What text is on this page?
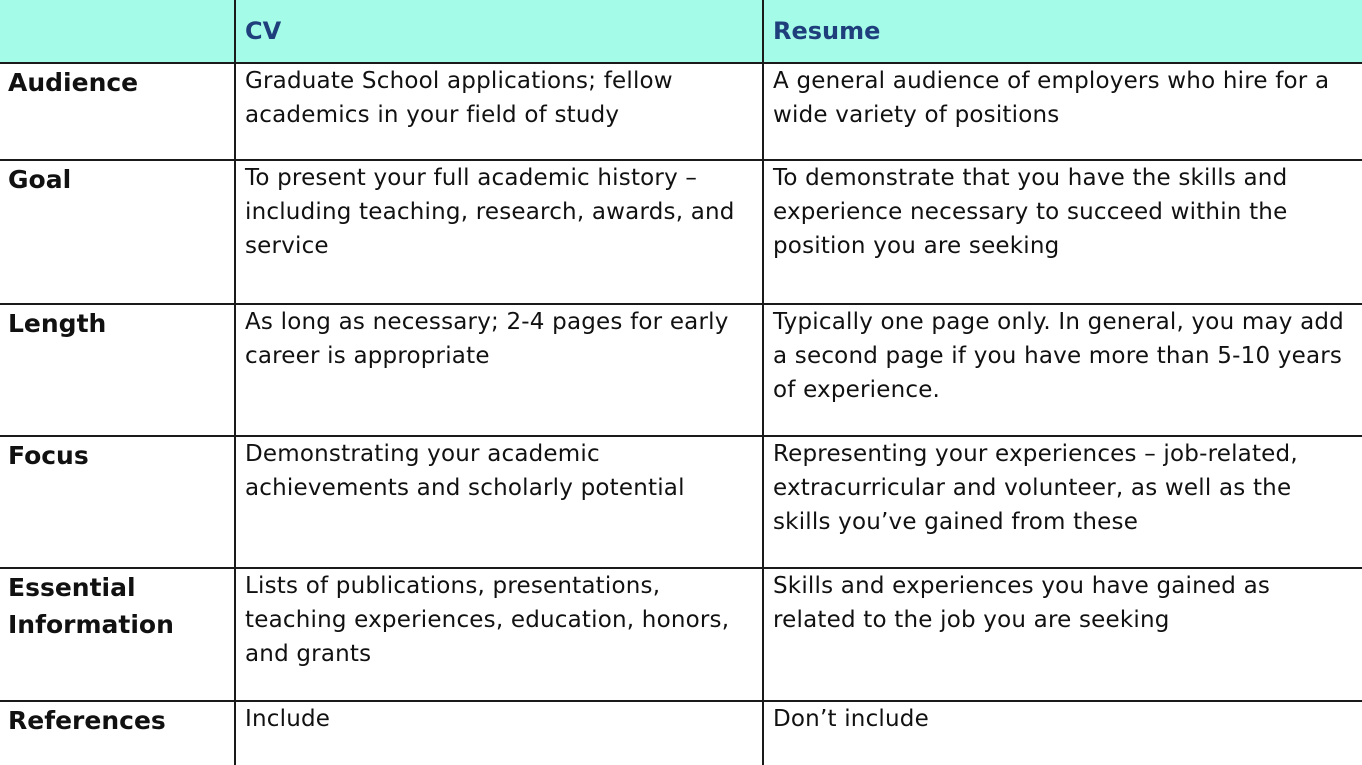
	CV	Resume
Audience	Graduate School applications; fellow academics in your field of study	A general audience of employers who hire for a wide variety of positions
Goal	To present your full academic history – including teaching, research, awards, and service	To demonstrate that you have the skills and experience necessary to succeed within the position you are seeking
Length	As long as necessary; 2-4 pages for early career is appropriate	Typically one page only. In general, you may add a second page if you have more than 5-10 years of experience.
Focus	Demonstrating your academic achievements and scholarly potential	Representing your experiences – job-related, extracurricular and volunteer, as well as the skills you’ve gained from these
Essential Information	Lists of publications, presentations, teaching experiences, education, honors, and grants	Skills and experiences you have gained as related to the job you are seeking
References	Include	Don’t include
